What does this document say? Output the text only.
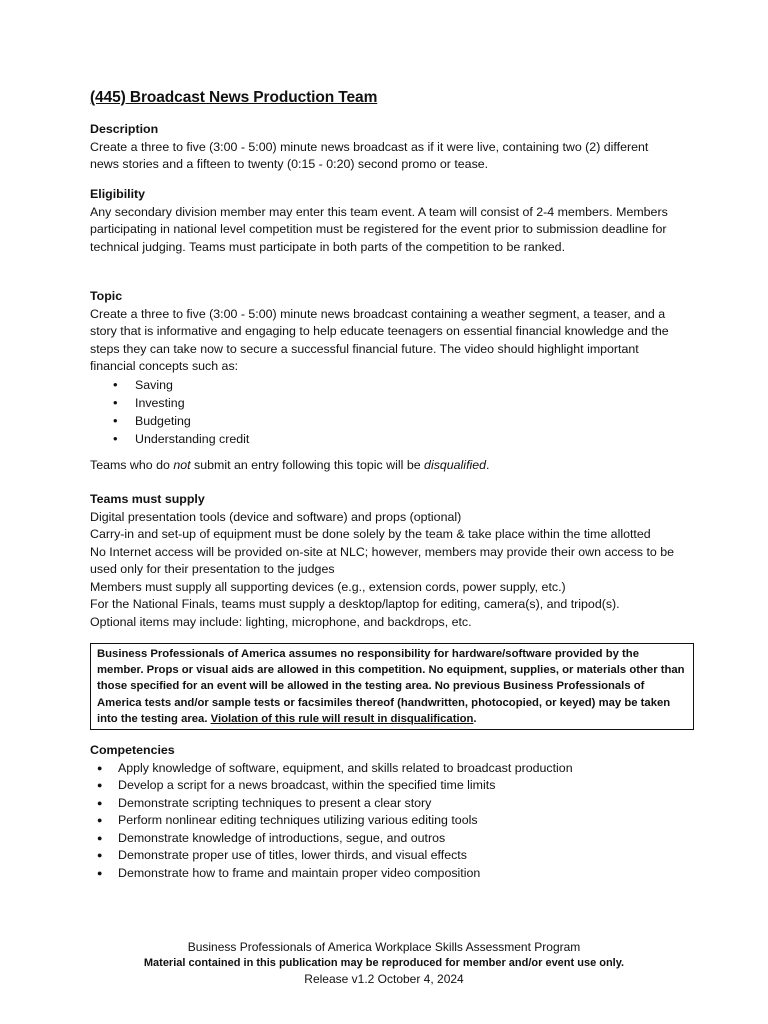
(445) Broadcast News Production Team
Description

Create a three to five (3:00 - 5:00) minute news broadcast as if it were live, containing two (2) different news stories and a fifteen to twenty (0:15 - 0:20) second promo or tease.

Eligibility

Any secondary division member may enter this team event. A team will consist of 2-4 members. Members participating in national level competition must be registered for the event prior to submission deadline for technical judging. Teams must participate in both parts of the competition to be ranked.

Topic

Create a three to five (3:00 - 5:00) minute news broadcast containing a weather segment, a teaser, and a story that is informative and engaging to help educate teenagers on essential financial knowledge and the steps they can take now to secure a successful financial future. The video should highlight important financial concepts such as:

• Saving
• Investing
• Budgeting
• Understanding credit
Teams who do not submit an entry following this topic will be disqualified.
Teams must supply
Digital presentation tools (device and software) and props (optional)
Carry-in and set-up of equipment must be done solely by the team & take place within the time allotted
No Internet access will be provided on-site at NLC; however, members may provide their own access to be used only for their presentation to the judges
Members must supply all supporting devices (e.g., extension cords, power supply, etc.)
For the National Finals, teams must supply a desktop/laptop for editing, camera(s), and tripod(s).
Optional items may include: lighting, microphone, and backdrops, etc.
Business Professionals of America assumes no responsibility for hardware/software provided by the member. Props or visual aids are allowed in this competition. No equipment, supplies, or materials other than those specified for an event will be allowed in the testing area. No previous Business Professionals of America tests and/or sample tests or facsimiles thereof (handwritten, photocopied, or keyed) may be taken into the testing area. Violation of this rule will result in disqualification.
Competencies
● Apply knowledge of software, equipment, and skills related to broadcast production
● Develop a script for a news broadcast, within the specified time limits
● Demonstrate scripting techniques to present a clear story
● Perform nonlinear editing techniques utilizing various editing tools
● Demonstrate knowledge of introductions, segue, and outros
● Demonstrate proper use of titles, lower thirds, and visual effects
● Demonstrate how to frame and maintain proper video composition
Business Professionals of America Workplace Skills Assessment Program
Material contained in this publication may be reproduced for member and/or event use only.
Release v1.2 October 4, 2024
